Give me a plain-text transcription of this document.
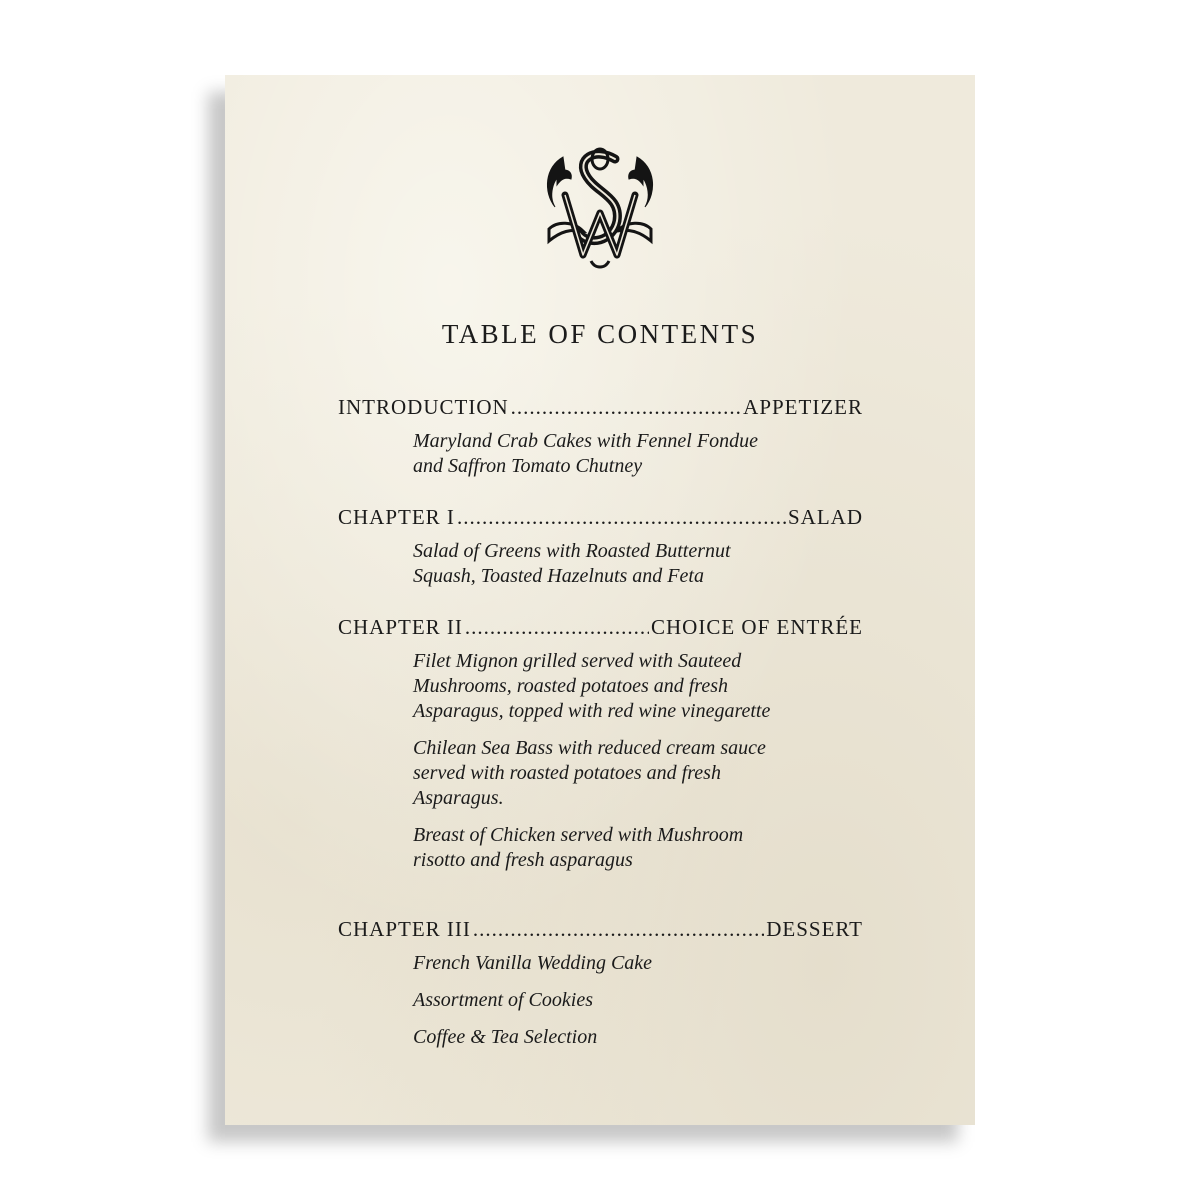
TABLE OF CONTENTS
INTRODUCTION .....	APPETIZER
Maryland Crab Cakes with Fennel Fondue
and Saffron Tomato Chutney
CHAPTER I .....	SALAD
Salad of Greens with Roasted Butternut
Squash, Toasted Hazelnuts and Feta
CHAPTER II .....	CHOICE OF ENTRÉE
Filet Mignon grilled served with Sauteed
Mushrooms, roasted potatoes and fresh
Asparagus, topped with red wine vinegarette
Chilean Sea Bass with reduced cream sauce
served with roasted potatoes and fresh
Asparagus.
Breast of Chicken served with Mushroom
risotto and fresh asparagus
CHAPTER III .....	DESSERT
French Vanilla Wedding Cake
Assortment of Cookies
Coffee & Tea Selection
